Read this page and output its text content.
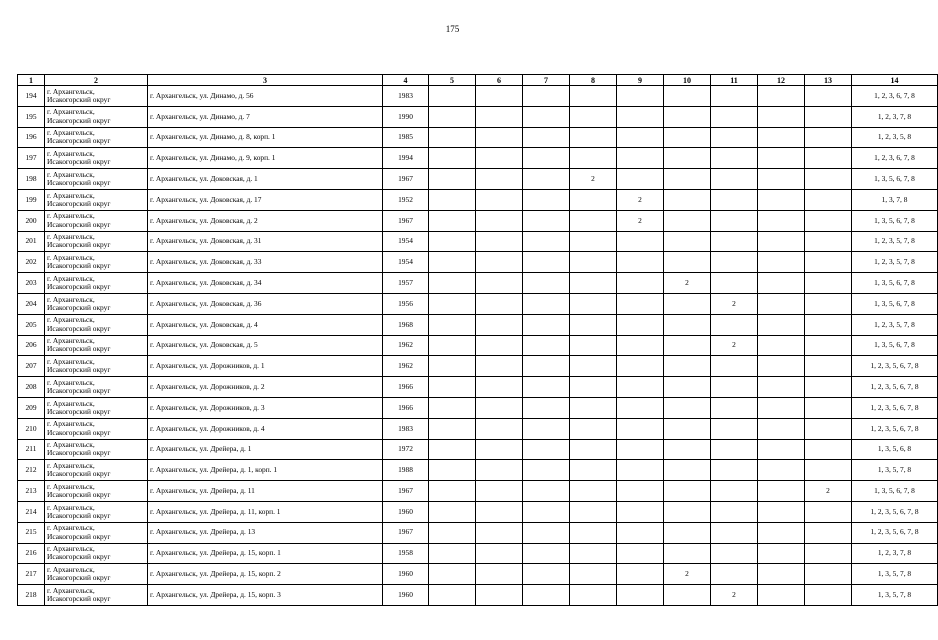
175
1	2	3	4	5	6	7	8	9	10	11	12	13	14
194	г. Архангельск,
Исакогорский округ	г. Архангельск, ул. Динамо, д. 56	1983										1, 2, 3, 6, 7, 8
195	г. Архангельск,
Исакогорский округ	г. Архангельск, ул. Динамо, д. 7	1990										1, 2, 3, 7, 8
196	г. Архангельск,
Исакогорский округ	г. Архангельск, ул. Динамо, д. 8, корп. 1	1985										1, 2, 3, 5, 8
197	г. Архангельск,
Исакогорский округ	г. Архангельск, ул. Динамо, д. 9, корп. 1	1994										1, 2, 3, 6, 7, 8
198	г. Архангельск,
Исакогорский округ	г. Архангельск, ул. Доковская, д. 1	1967				2						1, 3, 5, 6, 7, 8
199	г. Архангельск,
Исакогорский округ	г. Архангельск, ул. Доковская, д. 17	1952					2					1, 3, 7, 8
200	г. Архангельск,
Исакогорский округ	г. Архангельск, ул. Доковская, д. 2	1967					2					1, 3, 5, 6, 7, 8
201	г. Архангельск,
Исакогорский округ	г. Архангельск, ул. Доковская, д. 31	1954										1, 2, 3, 5, 7, 8
202	г. Архангельск,
Исакогорский округ	г. Архангельск, ул. Доковская, д. 33	1954										1, 2, 3, 5, 7, 8
203	г. Архангельск,
Исакогорский округ	г. Архангельск, ул. Доковская, д. 34	1957						2				1, 3, 5, 6, 7, 8
204	г. Архангельск,
Исакогорский округ	г. Архангельск, ул. Доковская, д. 36	1956							2			1, 3, 5, 6, 7, 8
205	г. Архангельск,
Исакогорский округ	г. Архангельск, ул. Доковская, д. 4	1968										1, 2, 3, 5, 7, 8
206	г. Архангельск,
Исакогорский округ	г. Архангельск, ул. Доковская, д. 5	1962							2			1, 3, 5, 6, 7, 8
207	г. Архангельск,
Исакогорский округ	г. Архангельск, ул. Дорожников, д. 1	1962										1, 2, 3, 5, 6, 7, 8
208	г. Архангельск,
Исакогорский округ	г. Архангельск, ул. Дорожников, д. 2	1966										1, 2, 3, 5, 6, 7, 8
209	г. Архангельск,
Исакогорский округ	г. Архангельск, ул. Дорожников, д. 3	1966										1, 2, 3, 5, 6, 7, 8
210	г. Архангельск,
Исакогорский округ	г. Архангельск, ул. Дорожников, д. 4	1983										1, 2, 3, 5, 6, 7, 8
211	г. Архангельск,
Исакогорский округ	г. Архангельск, ул. Дрейера, д. 1	1972										1, 3, 5, 6, 8
212	г. Архангельск,
Исакогорский округ	г. Архангельск, ул. Дрейера, д. 1, корп. 1	1988										1, 3, 5, 7, 8
213	г. Архангельск,
Исакогорский округ	г. Архангельск, ул. Дрейера, д. 11	1967									2	1, 3, 5, 6, 7, 8
214	г. Архангельск,
Исакогорский округ	г. Архангельск, ул. Дрейера, д. 11, корп. 1	1960										1, 2, 3, 5, 6, 7, 8
215	г. Архангельск,
Исакогорский округ	г. Архангельск, ул. Дрейера, д. 13	1967										1, 2, 3, 5, 6, 7, 8
216	г. Архангельск,
Исакогорский округ	г. Архангельск, ул. Дрейера, д. 15, корп. 1	1958										1, 2, 3, 7, 8
217	г. Архангельск,
Исакогорский округ	г. Архангельск, ул. Дрейера, д. 15, корп. 2	1960						2				1, 3, 5, 7, 8
218	г. Архангельск,
Исакогорский округ	г. Архангельск, ул. Дрейера, д. 15, корп. 3	1960							2			1, 3, 5, 7, 8
